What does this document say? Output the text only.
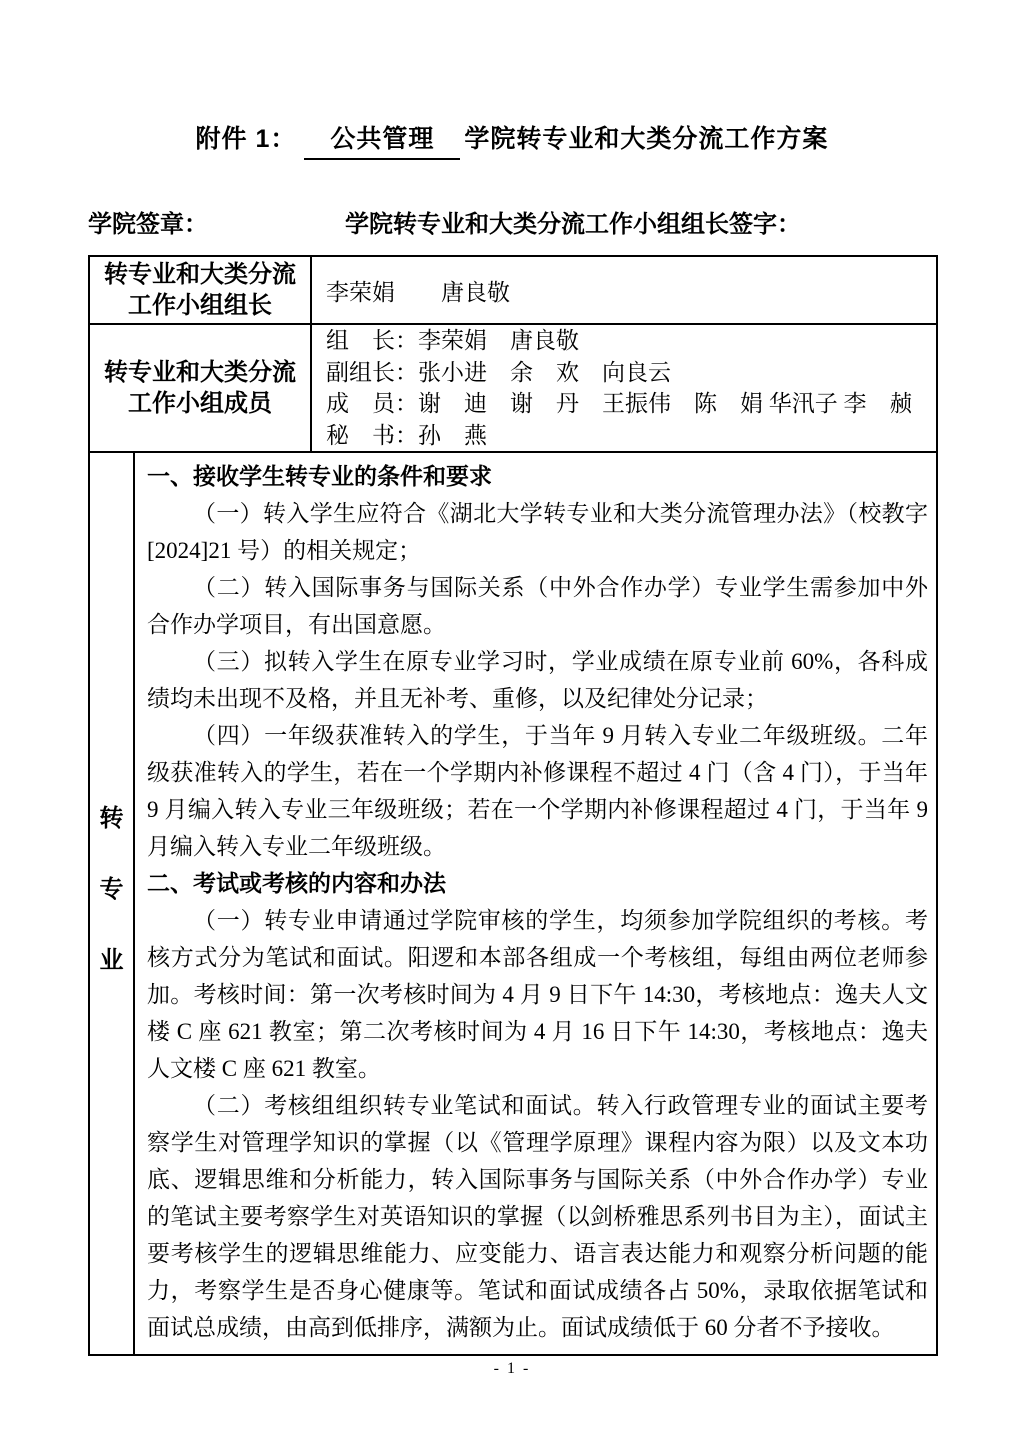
附件 1： 公共管理 学院转专业和大类分流工作方案
学院签章：	学院转专业和大类分流工作小组组长签字：
转专业和大类分流
工作小组组长 李荣娟　　唐良敬
转专业和大类分流
工作小组成员
组　长：李荣娟　唐良敬
副组长：张小进　余　欢　向良云
成　员：谢　迪　谢　丹　王振伟　陈　娟 华汛子 李　赪
秘　书：孙　燕
转
专
业
一、接收学生转专业的条件和要求

（一）转入学生应符合《湖北大学转专业和大类分流管理办法》（校教字[2024]21 号）的相关规定；

（二）转入国际事务与国际关系（中外合作办学）专业学生需参加中外合作办学项目，有出国意愿。

（三）拟转入学生在原专业学习时，学业成绩在原专业前 60%，各科成绩均未出现不及格，并且无补考、重修，以及纪律处分记录；

（四）一年级获准转入的学生，于当年 9 月转入专业二年级班级。二年级获准转入的学生，若在一个学期内补修课程不超过 4 门（含 4 门），于当年 9 月编入转入专业三年级班级；若在一个学期内补修课程超过 4 门，于当年 9 月编入转入专业二年级班级。

二、考试或考核的内容和办法

（一）转专业申请通过学院审核的学生，均须参加学院组织的考核。考核方式分为笔试和面试。阳逻和本部各组成一个考核组，每组由两位老师参加。考核时间：第一次考核时间为 4 月 9 日下午 14:30，考核地点：逸夫人文楼 C 座 621 教室；第二次考核时间为 4 月 16 日下午 14:30，考核地点：逸夫人文楼 C 座 621 教室。

（二）考核组组织转专业笔试和面试。转入行政管理专业的面试主要考察学生对管理学知识的掌握（以《管理学原理》课程内容为限）以及文本功底、逻辑思维和分析能力，转入国际事务与国际关系（中外合作办学）专业的笔试主要考察学生对英语知识的掌握（以剑桥雅思系列书目为主），面试主要考核学生的逻辑思维能力、应变能力、语言表达能力和观察分析问题的能力，考察学生是否身心健康等。笔试和面试成绩各占 50%，录取依据笔试和面试总成绩，由高到低排序，满额为止。面试成绩低于 60 分者不予接收。

- 1 -
